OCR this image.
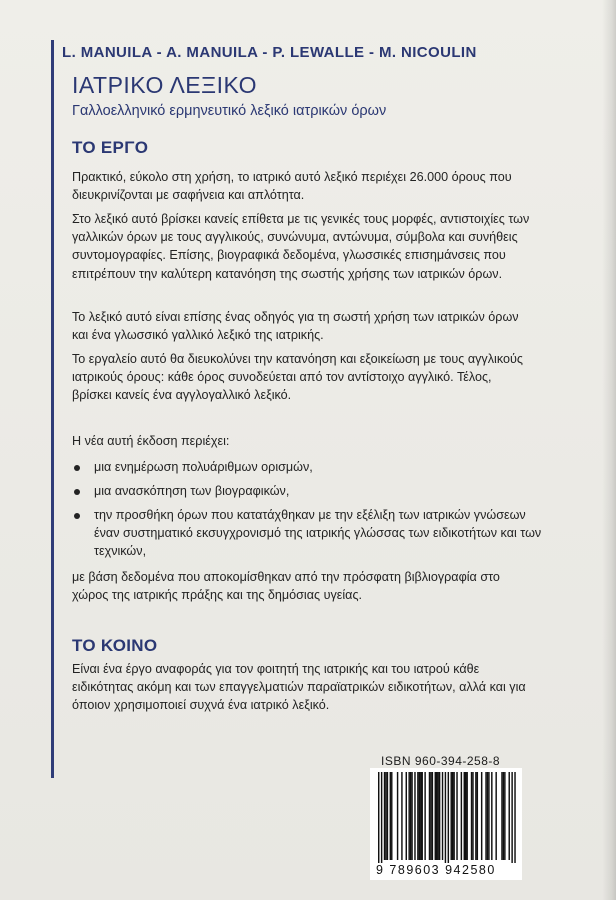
L. MANUILA - A. MANUILA - P. LEWALLE - M. NICOULIN
ΙΑΤΡΙΚΟ ΛΕΞΙΚΟ
Γαλλοελληνικό ερμηνευτικό λεξικό ιατρικών όρων
ΤΟ ΕΡΓΟ
Πρακτικό, εύκολο στη χρήση, το ιατρικό αυτό λεξικό περιέχει 26.000 όρους που διευκρινίζονται με σαφήνεια και απλότητα.
Στο λεξικό αυτό βρίσκει κανείς επίθετα με τις γενικές τους μορφές, αντιστοιχίες των γαλλικών όρων με τους αγγλικούς, συνώνυμα, αντώνυμα, σύμβολα και συνήθεις συντομογραφίες. Επίσης, βιογραφικά δεδομένα, γλωσσικές επισημάνσεις που επιτρέπουν την καλύτερη κατανόηση της σωστής χρήσης των ιατρικών όρων.
Το λεξικό αυτό είναι επίσης ένας οδηγός για τη σωστή χρήση των ιατρικών όρων και ένα γλωσσικό γαλλικό λεξικό της ιατρικής.
Το εργαλείο αυτό θα διευκολύνει την κατανόηση και εξοικείωση με τους αγγλικούς ιατρικούς όρους: κάθε όρος συνοδεύεται από τον αντίστοιχο αγγλικό. Τέλος, βρίσκει κανείς ένα αγγλογαλλικό λεξικό.
Η νέα αυτή έκδοση περιέχει:
μια ενημέρωση πολυάριθμων ορισμών,
μια ανασκόπηση των βιογραφικών,
την προσθήκη όρων που κατατάχθηκαν με την εξέλιξη των ιατρικών γνώσεων έναν συστηματικό εκσυγχρονισμό της ιατρικής γλώσσας των ειδικοτήτων και των τεχνικών,
με βάση δεδομένα που αποκομίσθηκαν από την πρόσφατη βιβλιογραφία στο χώρος της ιατρικής πράξης και της δημόσιας υγείας.
ΤΟ ΚΟΙΝΟ
Είναι ένα έργο αναφοράς για τον φοιτητή της ιατρικής και του ιατρού κάθε ειδικότητας ακόμη και των επαγγελματιών παραϊατρικών ειδικοτήτων, αλλά και για όποιον χρησιμοποιεί συχνά ένα ιατρικό λεξικό.
ISBN 960-394-258-8
9 789603 942580
